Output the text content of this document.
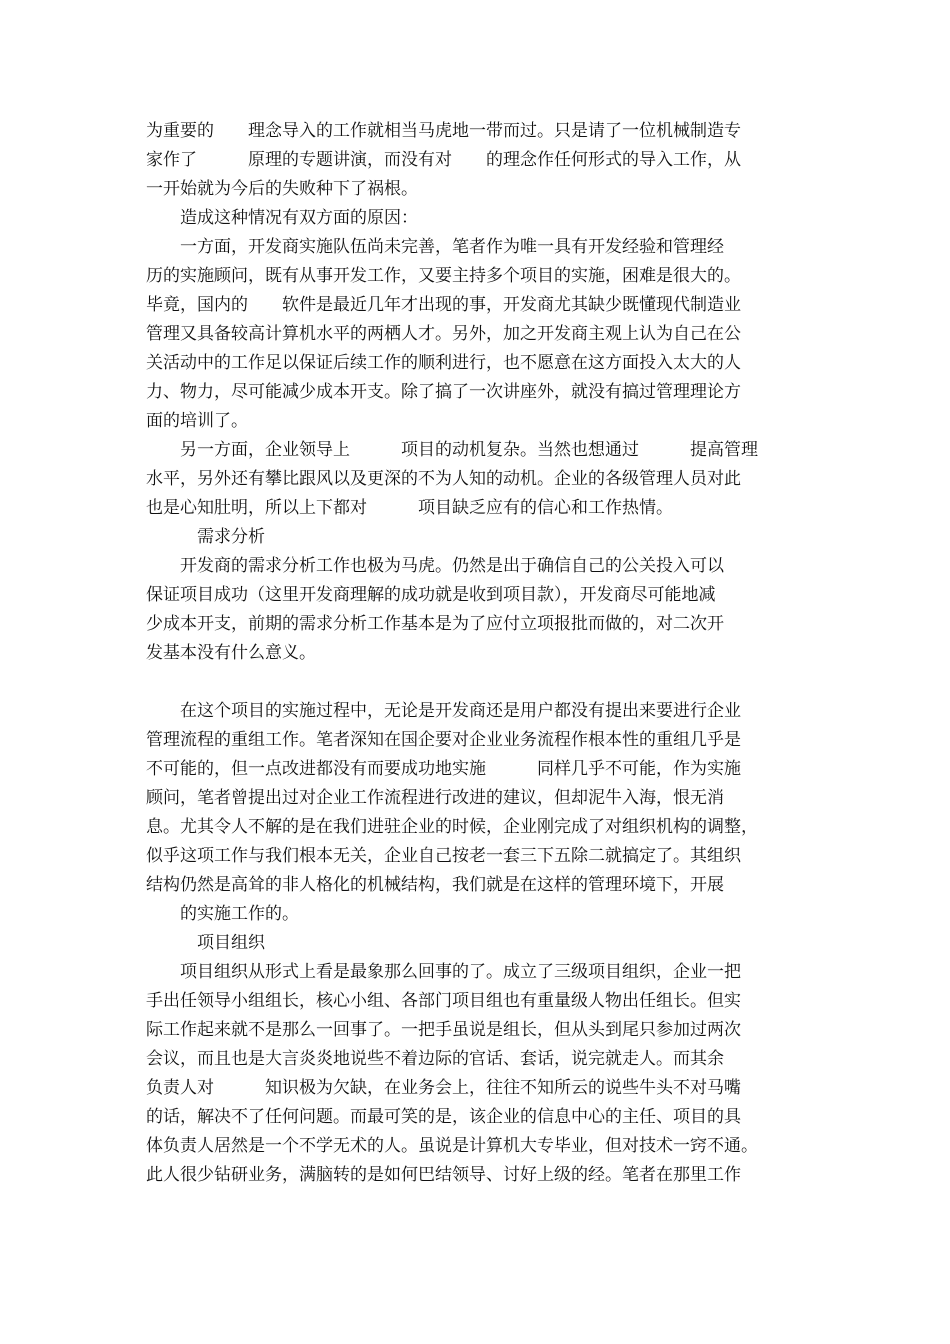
为重要的　　理念导入的工作就相当马虎地一带而过。只是请了一位机械制造专
家作了　　　原理的专题讲演，而没有对　　的理念作任何形式的导入工作，从
一开始就为今后的失败种下了祸根。
　　造成这种情况有双方面的原因：
　　一方面，开发商实施队伍尚未完善，笔者作为唯一具有开发经验和管理经
历的实施顾问，既有从事开发工作，又要主持多个项目的实施，困难是很大的。
毕竟，国内的　　软件是最近几年才出现的事，开发商尤其缺少既懂现代制造业
管理又具备较高计算机水平的两栖人才。另外，加之开发商主观上认为自己在公
关活动中的工作足以保证后续工作的顺利进行，也不愿意在这方面投入太大的人
力、物力，尽可能减少成本开支。除了搞了一次讲座外，就没有搞过管理理论方
面的培训了。
　　另一方面，企业领导上　　　项目的动机复杂。当然也想通过　　　提高管理
水平，另外还有攀比跟风以及更深的不为人知的动机。企业的各级管理人员对此
也是心知肚明，所以上下都对　　　项目缺乏应有的信心和工作热情。
　　　需求分析
　　开发商的需求分析工作也极为马虎。仍然是出于确信自己的公关投入可以
保证项目成功（这里开发商理解的成功就是收到项目款），开发商尽可能地减
少成本开支，前期的需求分析工作基本是为了应付立项报批而做的，对二次开
发基本没有什么意义。
　　在这个项目的实施过程中，无论是开发商还是用户都没有提出来要进行企业
管理流程的重组工作。笔者深知在国企要对企业业务流程作根本性的重组几乎是
不可能的，但一点改进都没有而要成功地实施　　　同样几乎不可能，作为实施
顾问，笔者曾提出过对企业工作流程进行改进的建议，但却泥牛入海，恨无消
息。尤其令人不解的是在我们进驻企业的时候，企业刚完成了对组织机构的调整，
似乎这项工作与我们根本无关，企业自己按老一套三下五除二就搞定了。其组织
结构仍然是高耸的非人格化的机械结构，我们就是在这样的管理环境下，开展
　　的实施工作的。
　　　项目组织
　　项目组织从形式上看是最象那么回事的了。成立了三级项目组织，企业一把
手出任领导小组组长，核心小组、各部门项目组也有重量级人物出任组长。但实
际工作起来就不是那么一回事了。一把手虽说是组长，但从头到尾只参加过两次
会议，而且也是大言炎炎地说些不着边际的官话、套话，说完就走人。而其余
负责人对　　　知识极为欠缺，在业务会上，往往不知所云的说些牛头不对马嘴
的话，解决不了任何问题。而最可笑的是，该企业的信息中心的主任、项目的具
体负责人居然是一个不学无术的人。虽说是计算机大专毕业，但对技术一窍不通。
此人很少钻研业务，满脑转的是如何巴结领导、讨好上级的经。笔者在那里工作
